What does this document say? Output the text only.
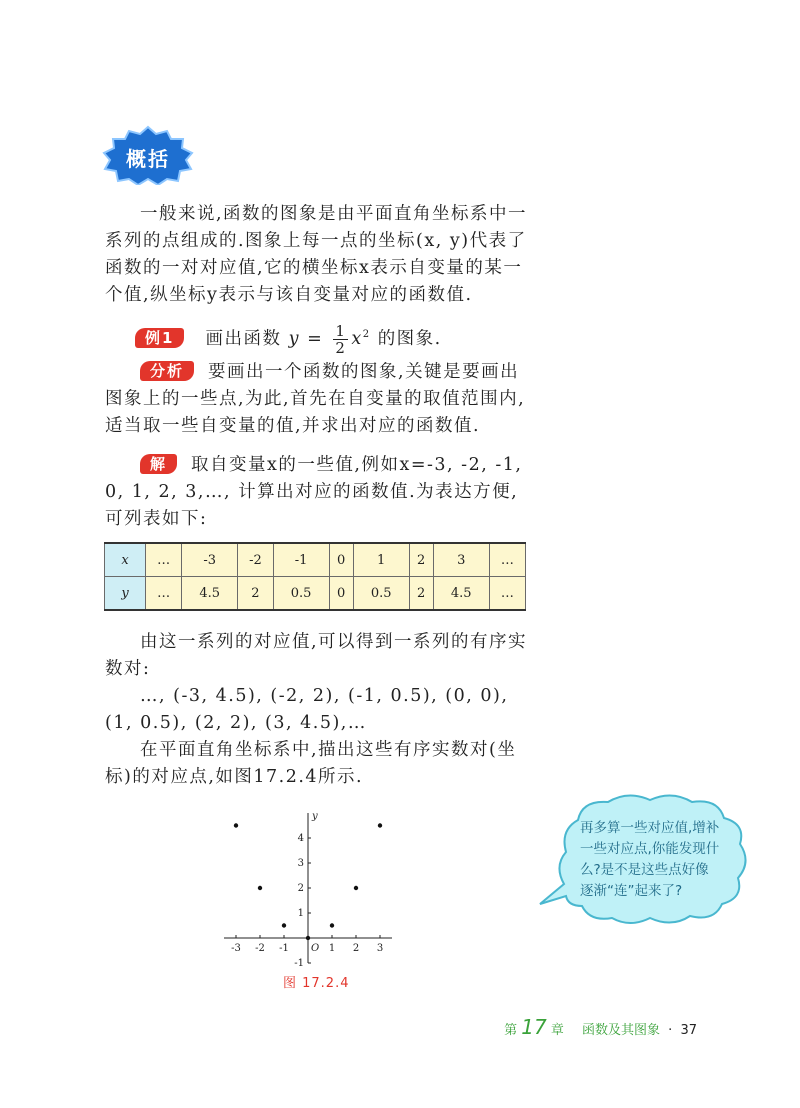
概括

一般来说,函数的图象是由平面直角坐标系中一系列的点组成的.图象上每一点的坐标(x, y)代表了函数的一对对应值,它的横坐标x表示自变量的某一个值,纵坐标y表示与该自变量对应的函数值.

例1 画出函数 $y = \frac{1}{2} x^2$ 的图象.

分析 要画出一个函数的图象,关键是要画出图象上的一些点,为此,首先在自变量的取值范围内,适当取一些自变量的值,并求出对应的函数值.

解 取自变量x的一些值,例如x=-3, -2, -1, 0, 1, 2, 3,…, 计算出对应的函数值.为表达方便,可列表如下:

x	…	-3	-2	-1	0	1	2	3	…
y	…	4.5	2	0.5	0	0.5	2	4.5	…

由这一系列的对应值,可以得到一系列的有序实数对:

…, (-3, 4.5), (-2, 2), (-1, 0.5), (0, 0), (1, 0.5), (2, 2), (3, 4.5),…

在平面直角坐标系中,描出这些有序实数对(坐标)的对应点,如图17.2.4所示.

y
O
-3 -2 -1	1 2 3
-1
1
2
3
4
图 17.2.4
再多算一些对应值,增补一些对应点,你能发现什么?是不是这些点好像逐渐“连”起来了?
第 17 章 函数及其图象 · 37
